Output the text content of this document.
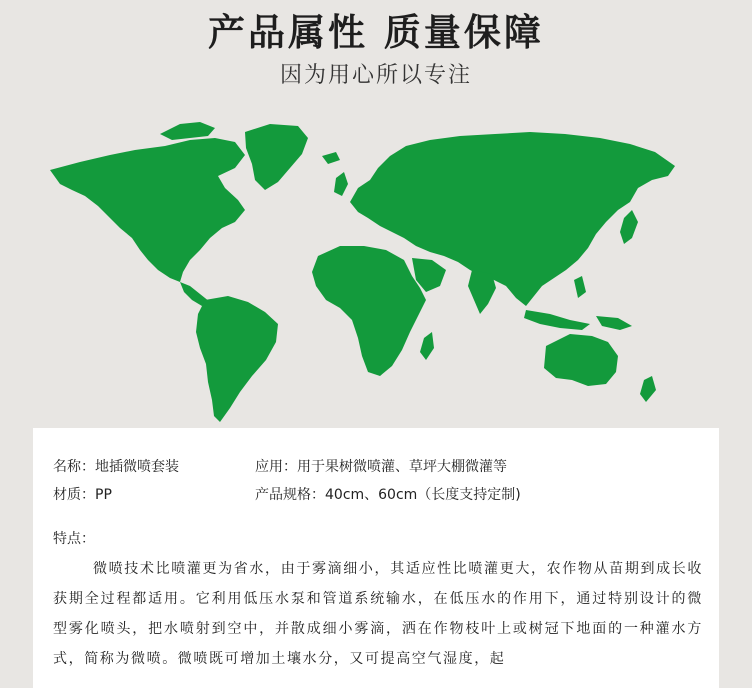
产品属性 质量保障
因为用心所以专注
名称：地插微喷套装	应用：用于果树微喷灌、草坪大棚微灌等
材质：PP	产品规格：40cm、60cm（长度支持定制)
特点：
微喷技术比喷灌更为省水，由于雾滴细小，其适应性比喷灌更大，农作物从苗期到成长收获期全过程都适用。它利用低压水泵和管道系统输水，在低压水的作用下，通过特别设计的微型雾化喷头，把水喷射到空中，并散成细小雾滴，洒在作物枝叶上或树冠下地面的一种灌水方式，简称为微喷。微喷既可增加土壤水分，又可提高空气湿度，起
